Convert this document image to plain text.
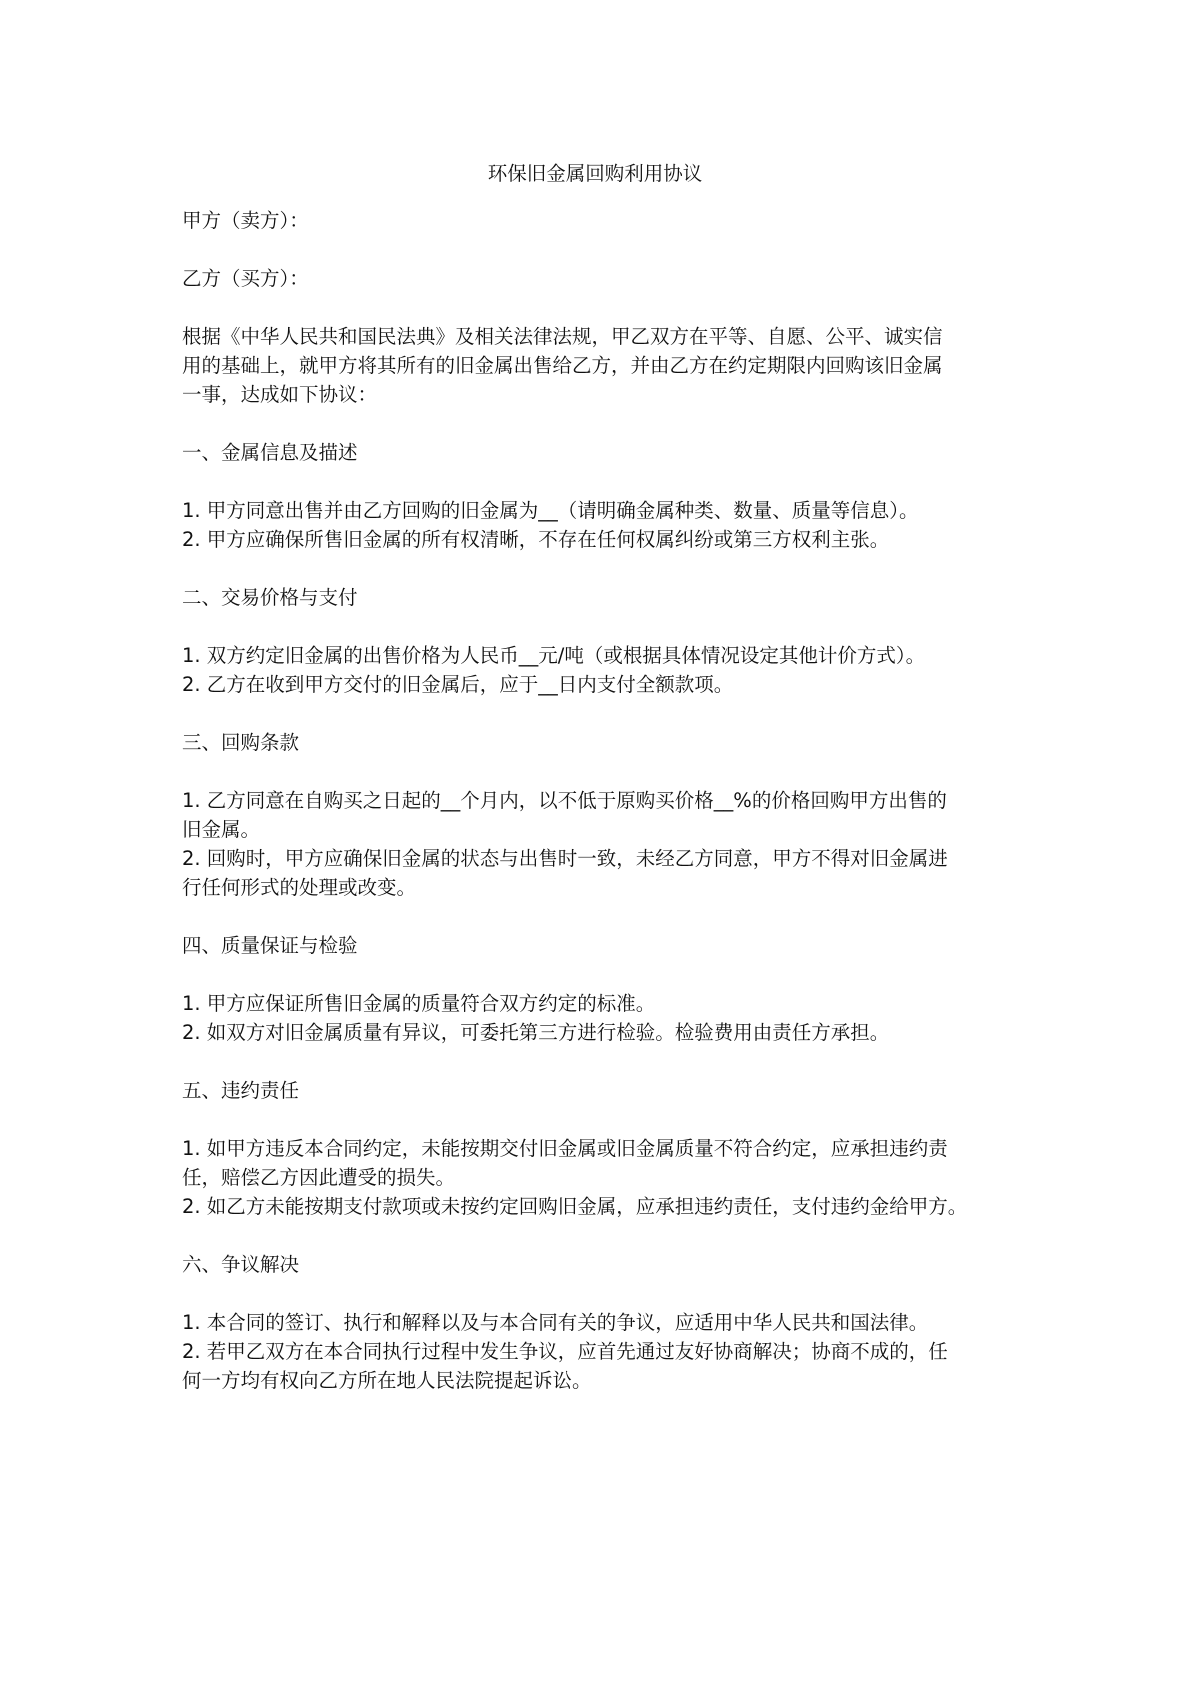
环保旧金属回购利用协议
甲方（卖方）：
乙方（买方）：
根据《中华人民共和国民法典》及相关法律法规，甲乙双方在平等、自愿、公平、诚实信
用的基础上，就甲方将其所有的旧金属出售给乙方，并由乙方在约定期限内回购该旧金属
一事，达成如下协议：
一、金属信息及描述
1. 甲方同意出售并由乙方回购的旧金属为__（请明确金属种类、数量、质量等信息）。
2. 甲方应确保所售旧金属的所有权清晰，不存在任何权属纠纷或第三方权利主张。
二、交易价格与支付
1. 双方约定旧金属的出售价格为人民币__元/吨（或根据具体情况设定其他计价方式）。
2. 乙方在收到甲方交付的旧金属后，应于__日内支付全额款项。
三、回购条款
1. 乙方同意在自购买之日起的__个月内，以不低于原购买价格__%的价格回购甲方出售的
旧金属。
2. 回购时，甲方应确保旧金属的状态与出售时一致，未经乙方同意，甲方不得对旧金属进
行任何形式的处理或改变。
四、质量保证与检验
1. 甲方应保证所售旧金属的质量符合双方约定的标准。
2. 如双方对旧金属质量有异议，可委托第三方进行检验。检验费用由责任方承担。
五、违约责任
1. 如甲方违反本合同约定，未能按期交付旧金属或旧金属质量不符合约定，应承担违约责
任，赔偿乙方因此遭受的损失。
2. 如乙方未能按期支付款项或未按约定回购旧金属，应承担违约责任，支付违约金给甲方。
六、争议解决
1. 本合同的签订、执行和解释以及与本合同有关的争议，应适用中华人民共和国法律。
2. 若甲乙双方在本合同执行过程中发生争议，应首先通过友好协商解决；协商不成的，任
何一方均有权向乙方所在地人民法院提起诉讼。
